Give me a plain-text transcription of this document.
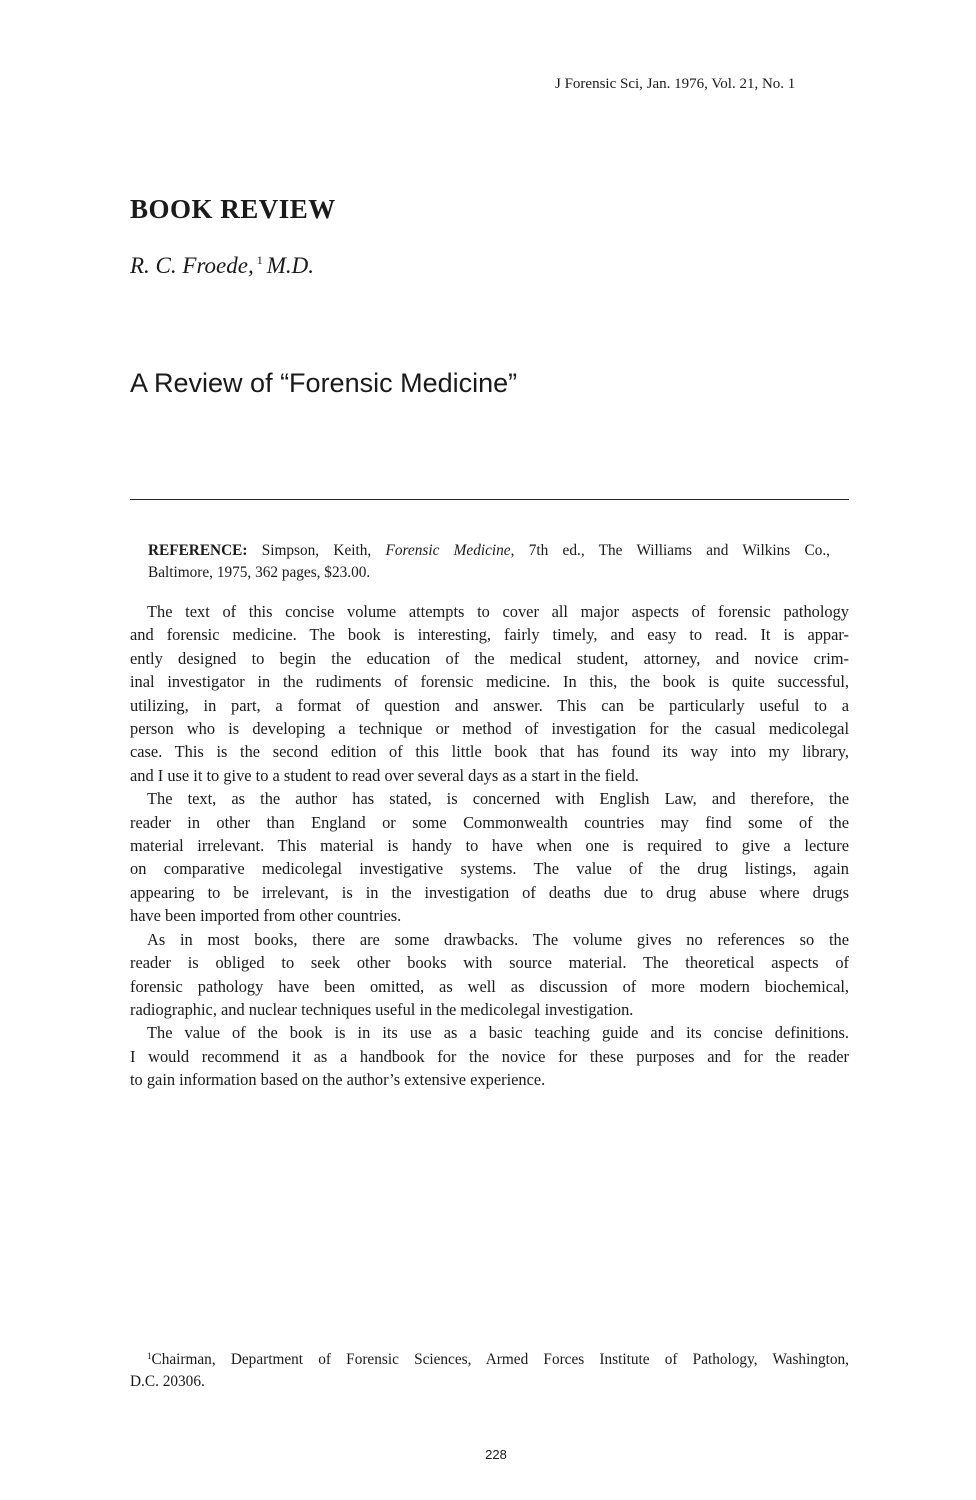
J Forensic Sci, Jan. 1976, Vol. 21, No. 1
BOOK REVIEW
R. C. Froede, $^1$ M.D.
A Review of “Forensic Medicine”
REFERENCE: Simpson, Keith, Forensic Medicine, 7th ed., The Williams and Wilkins Co.,
Baltimore, 1975, 362 pages, $23.00.
The text of this concise volume attempts to cover all major aspects of forensic pathology
and forensic medicine. The book is interesting, fairly timely, and easy to read. It is appar-
ently designed to begin the education of the medical student, attorney, and novice crim-
inal investigator in the rudiments of forensic medicine. In this, the book is quite successful,
utilizing, in part, a format of question and answer. This can be particularly useful to a
person who is developing a technique or method of investigation for the casual medicolegal
case. This is the second edition of this little book that has found its way into my library,
and I use it to give to a student to read over several days as a start in the field.
The text, as the author has stated, is concerned with English Law, and therefore, the
reader in other than England or some Commonwealth countries may find some of the
material irrelevant. This material is handy to have when one is required to give a lecture
on comparative medicolegal investigative systems. The value of the drug listings, again
appearing to be irrelevant, is in the investigation of deaths due to drug abuse where drugs
have been imported from other countries.
As in most books, there are some drawbacks. The volume gives no references so the
reader is obliged to seek other books with source material. The theoretical aspects of
forensic pathology have been omitted, as well as discussion of more modern biochemical,
radiographic, and nuclear techniques useful in the medicolegal investigation.
The value of the book is in its use as a basic teaching guide and its concise definitions.
I would recommend it as a handbook for the novice for these purposes and for the reader
to gain information based on the author’s extensive experience.
$^1$Chairman, Department of Forensic Sciences, Armed Forces Institute of Pathology, Washington,
D.C. 20306.
228
